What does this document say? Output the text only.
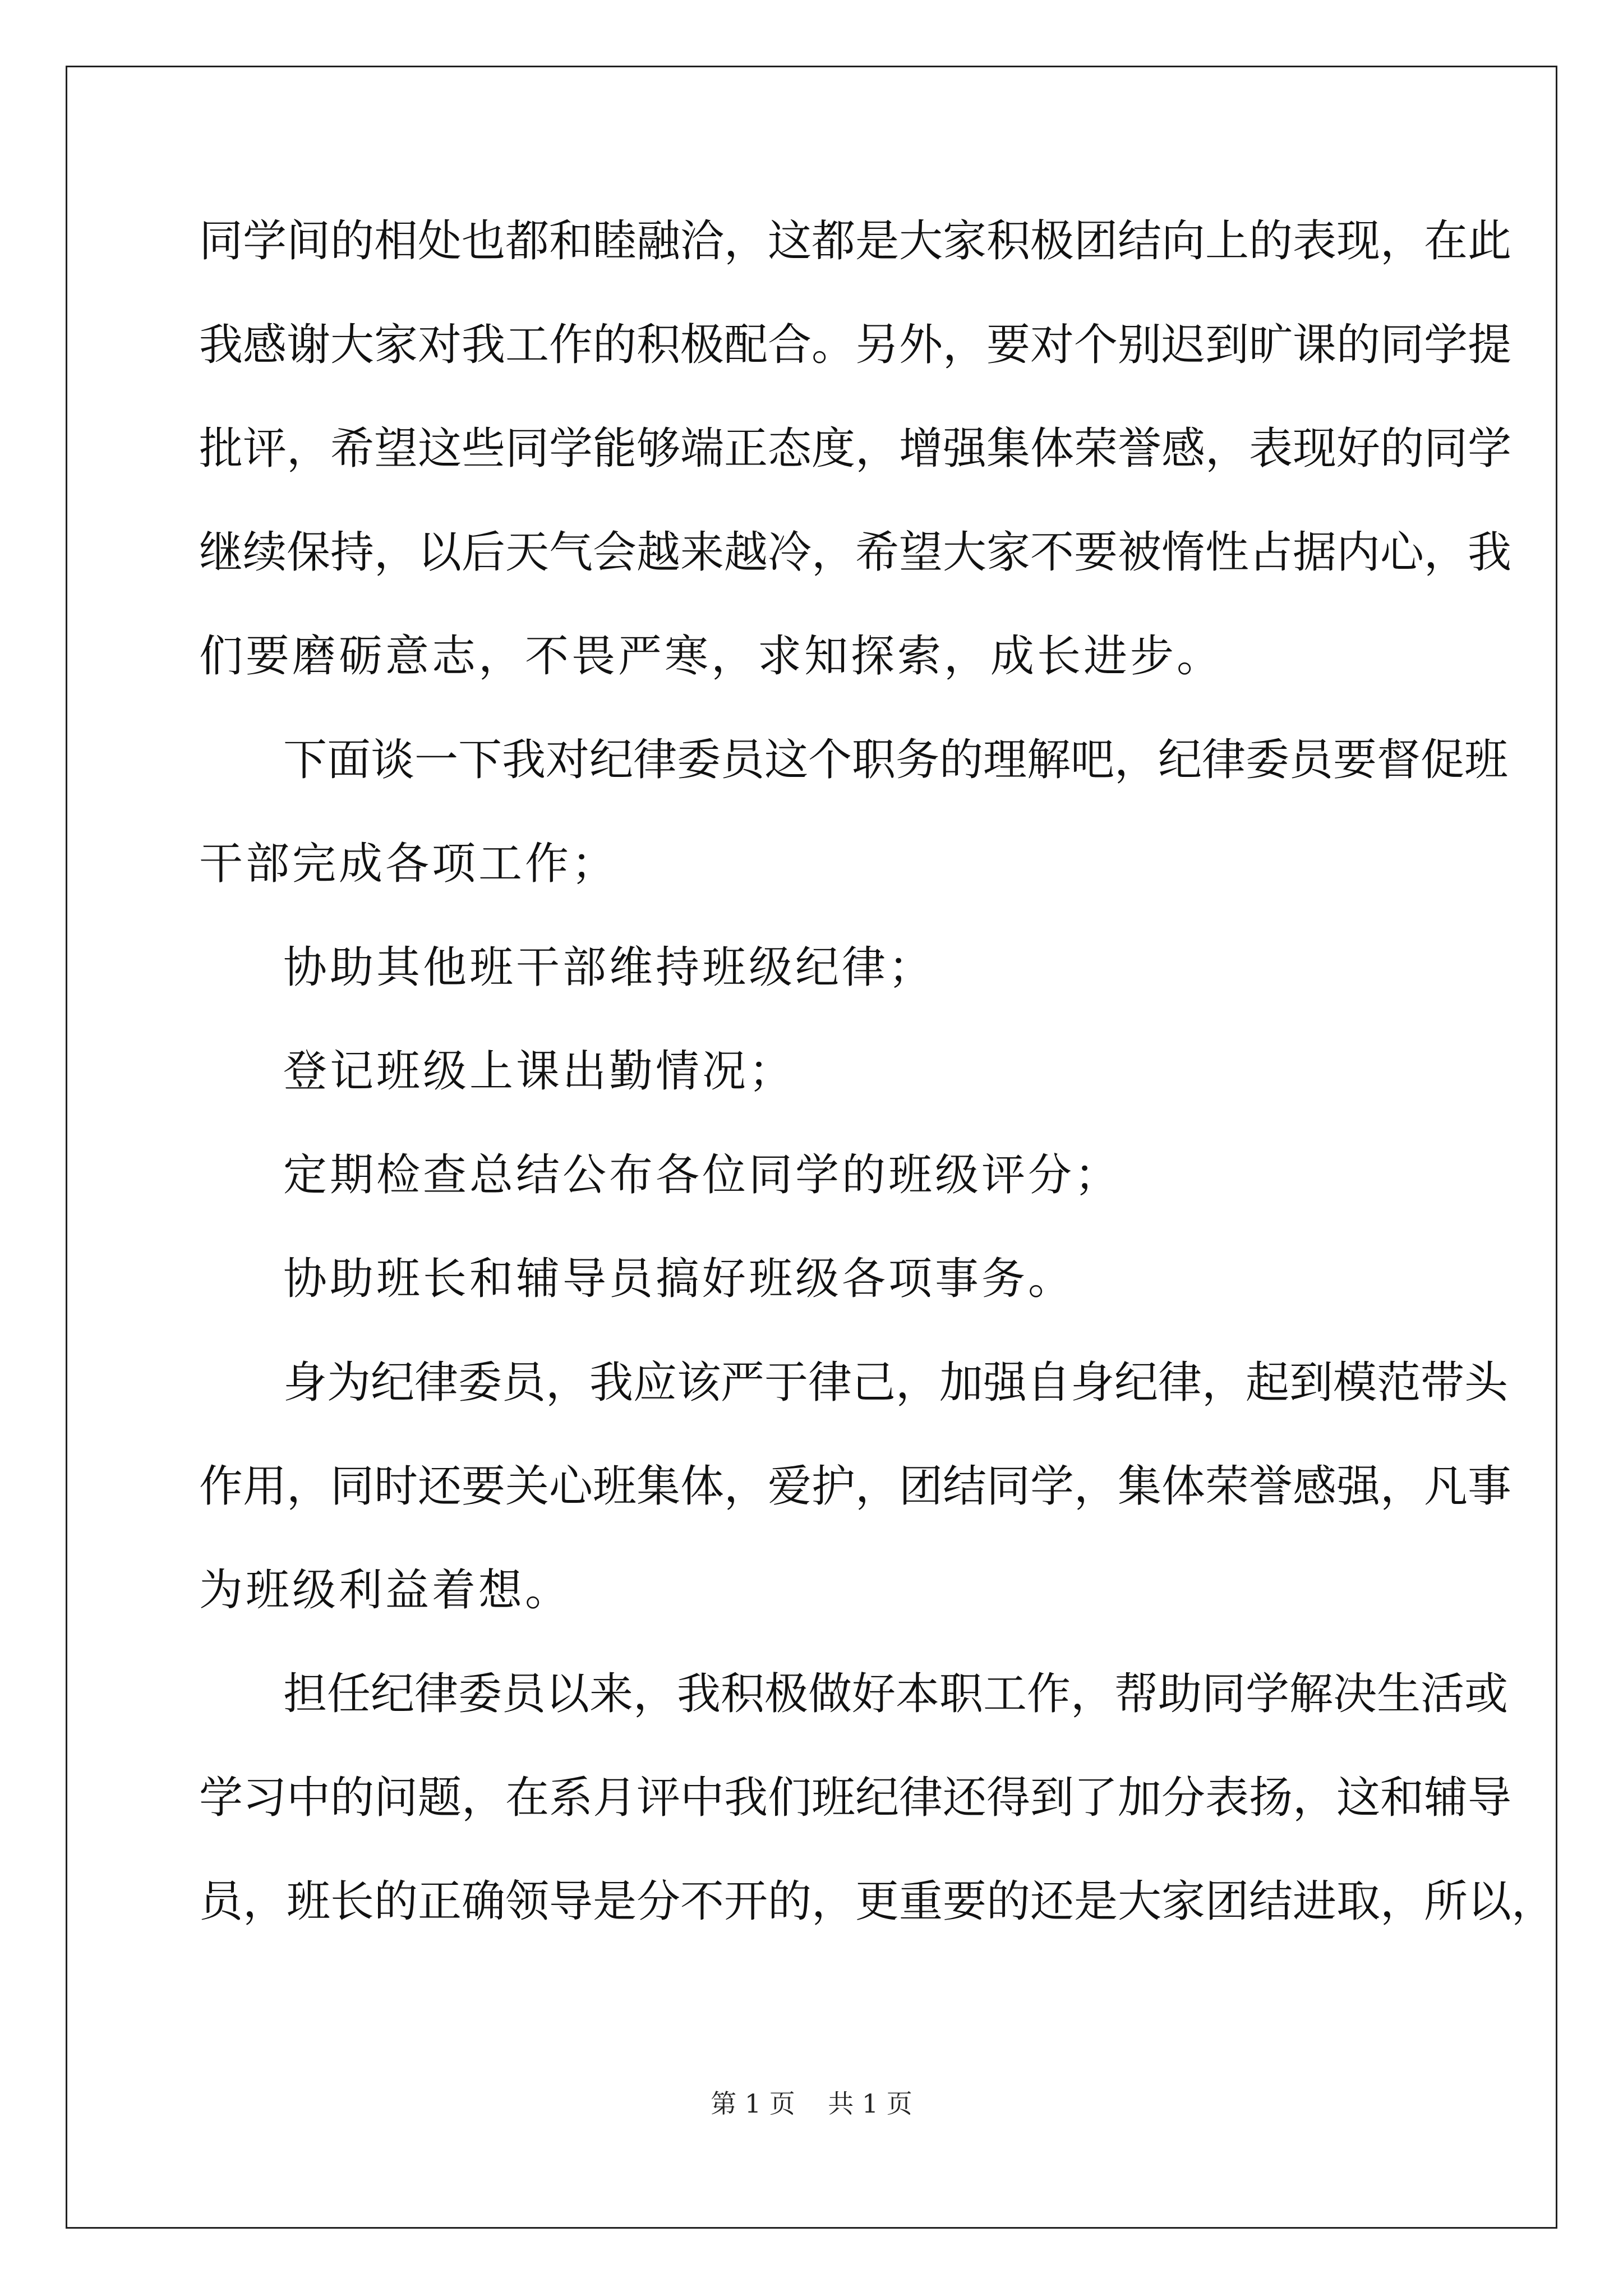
同学间的相处也都和睦融洽，这都是大家积极团结向上的表现，在此
我感谢大家对我工作的积极配合。另外，要对个别迟到旷课的同学提
批评，希望这些同学能够端正态度，增强集体荣誉感，表现好的同学
继续保持，以后天气会越来越冷，希望大家不要被惰性占据内心，我
们要磨砺意志，不畏严寒，求知探索，成长进步。
下面谈一下我对纪律委员这个职务的理解吧，纪律委员要督促班
干部完成各项工作；
协助其他班干部维持班级纪律；
登记班级上课出勤情况；
定期检查总结公布各位同学的班级评分；
协助班长和辅导员搞好班级各项事务。
身为纪律委员，我应该严于律己，加强自身纪律，起到模范带头
作用，同时还要关心班集体，爱护，团结同学，集体荣誉感强，凡事
为班级利益着想。
担任纪律委员以来，我积极做好本职工作，帮助同学解决生活或
学习中的问题，在系月评中我们班纪律还得到了加分表扬，这和辅导
员，班长的正确领导是分不开的，更重要的还是大家团结进取，所以，
第 1 页    共 1 页
